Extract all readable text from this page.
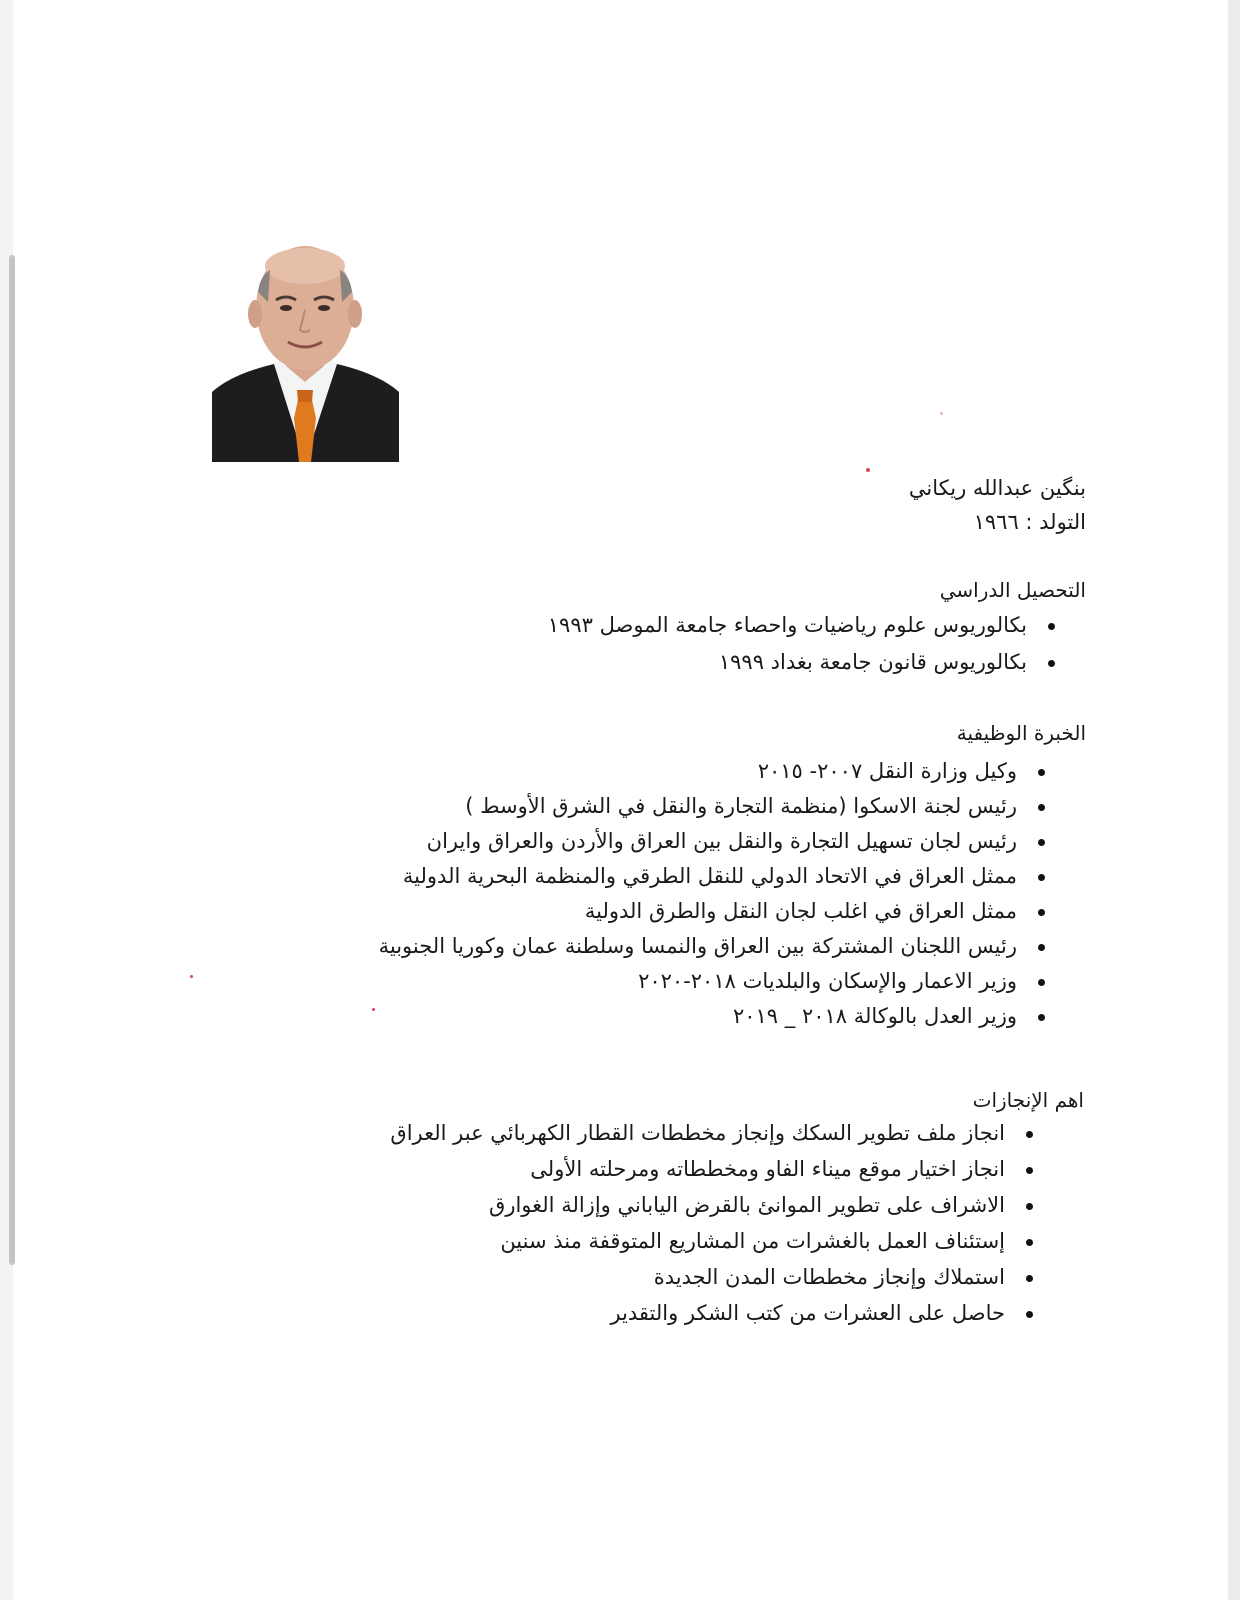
بنگين عبدالله ريكاني
التولد : ١٩٦٦
التحصيل الدراسي
بكالوريوس علوم رياضيات واحصاء جامعة الموصل ١٩٩٣
بكالوريوس قانون جامعة بغداد ١٩٩٩
الخبرة الوظيفية
وكيل وزارة النقل ٢٠٠٧- ٢٠١٥
رئيس لجنة الاسكوا (منظمة التجارة والنقل في الشرق الأوسط )
رئيس لجان تسهيل التجارة والنقل بين العراق والأردن والعراق وايران
ممثل العراق في الاتحاد الدولي للنقل الطرقي والمنظمة البحرية الدولية
ممثل العراق في اغلب لجان النقل والطرق الدولية
رئيس اللجنان المشتركة بين العراق والنمسا وسلطنة عمان وكوريا الجنوبية
وزير الاعمار والإسكان والبلديات ٢٠١٨-٢٠٢٠
وزير العدل بالوكالة ٢٠١٨ _ ٢٠١٩
اهم الإنجازات
انجاز ملف تطوير السكك وإنجاز مخططات القطار الكهربائي عبر العراق
انجاز اختيار موقع ميناء الفاو ومخططاته ومرحلته الأولى
الاشراف على تطوير الموانئ بالقرض الياباني وإزالة الغوارق
إستئناف العمل بالغشرات من المشاريع المتوقفة منذ سنين
استملاك وإنجاز مخططات المدن الجديدة
حاصل على العشرات من كتب الشكر والتقدير
